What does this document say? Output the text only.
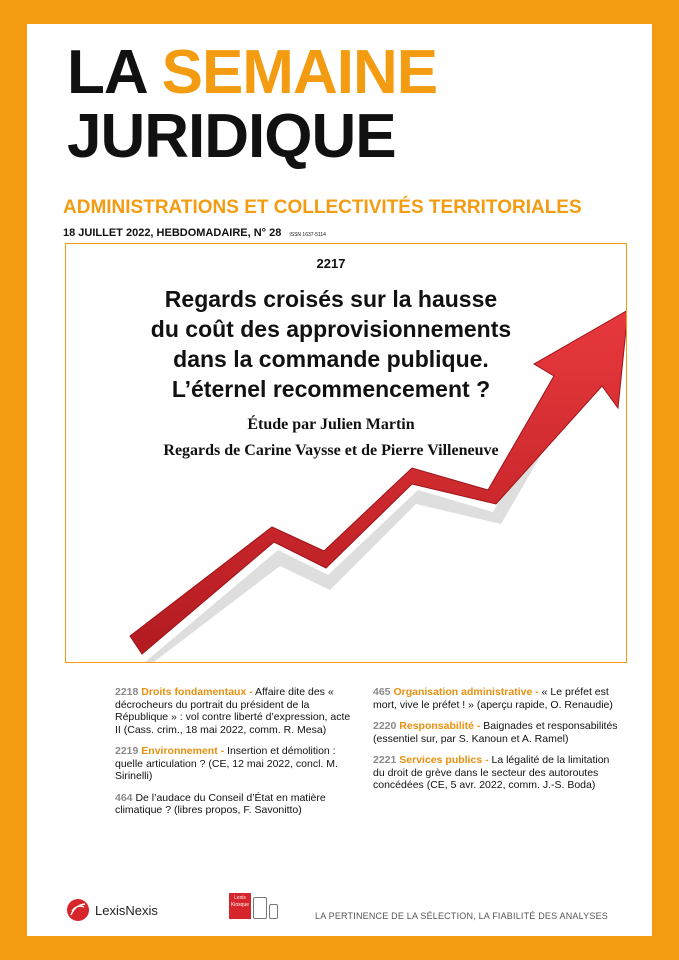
LA SEMAINE
JURIDIQUE
ADMINISTRATIONS ET COLLECTIVITÉS TERRITORIALES
18 JUILLET 2022, HEBDOMADAIRE, N° 28 ISSN 1637-5114
2217
Regards croisés sur la hausse
du coût des approvisionnements
dans la commande publique.
L’éternel recommencement ?
Étude par Julien Martin
Regards de Carine Vaysse et de Pierre Villeneuve
2218 Droits fondamentaux - Affaire dite des « décrocheurs du portrait du président de la République » : vol contre liberté d’expression, acte II (Cass. crim., 18 mai 2022, comm. R. Mesa)
2219 Environnement - Insertion et démolition : quelle articulation ? (CE, 12 mai 2022, concl. M. Sirinelli)
464 De l’audace du Conseil d’État en matière climatique ? (libres propos, F. Savonitto)
465 Organisation administrative - « Le préfet est mort, vive le préfet ! » (aperçu rapide, O. Renaudie)
2220 Responsabilité - Baignades et responsabilités (essentiel sur, par S. Kanoun et A. Ramel)
2221 Services publics - La légalité de la limitation du droit de grève dans le secteur des autoroutes concédées (CE, 5 avr. 2022, comm. J.-S. Boda)
LexisNexis
Lexis
Kiosque
LA PERTINENCE DE LA SÉLECTION, LA FIABILITÉ DES ANALYSES
